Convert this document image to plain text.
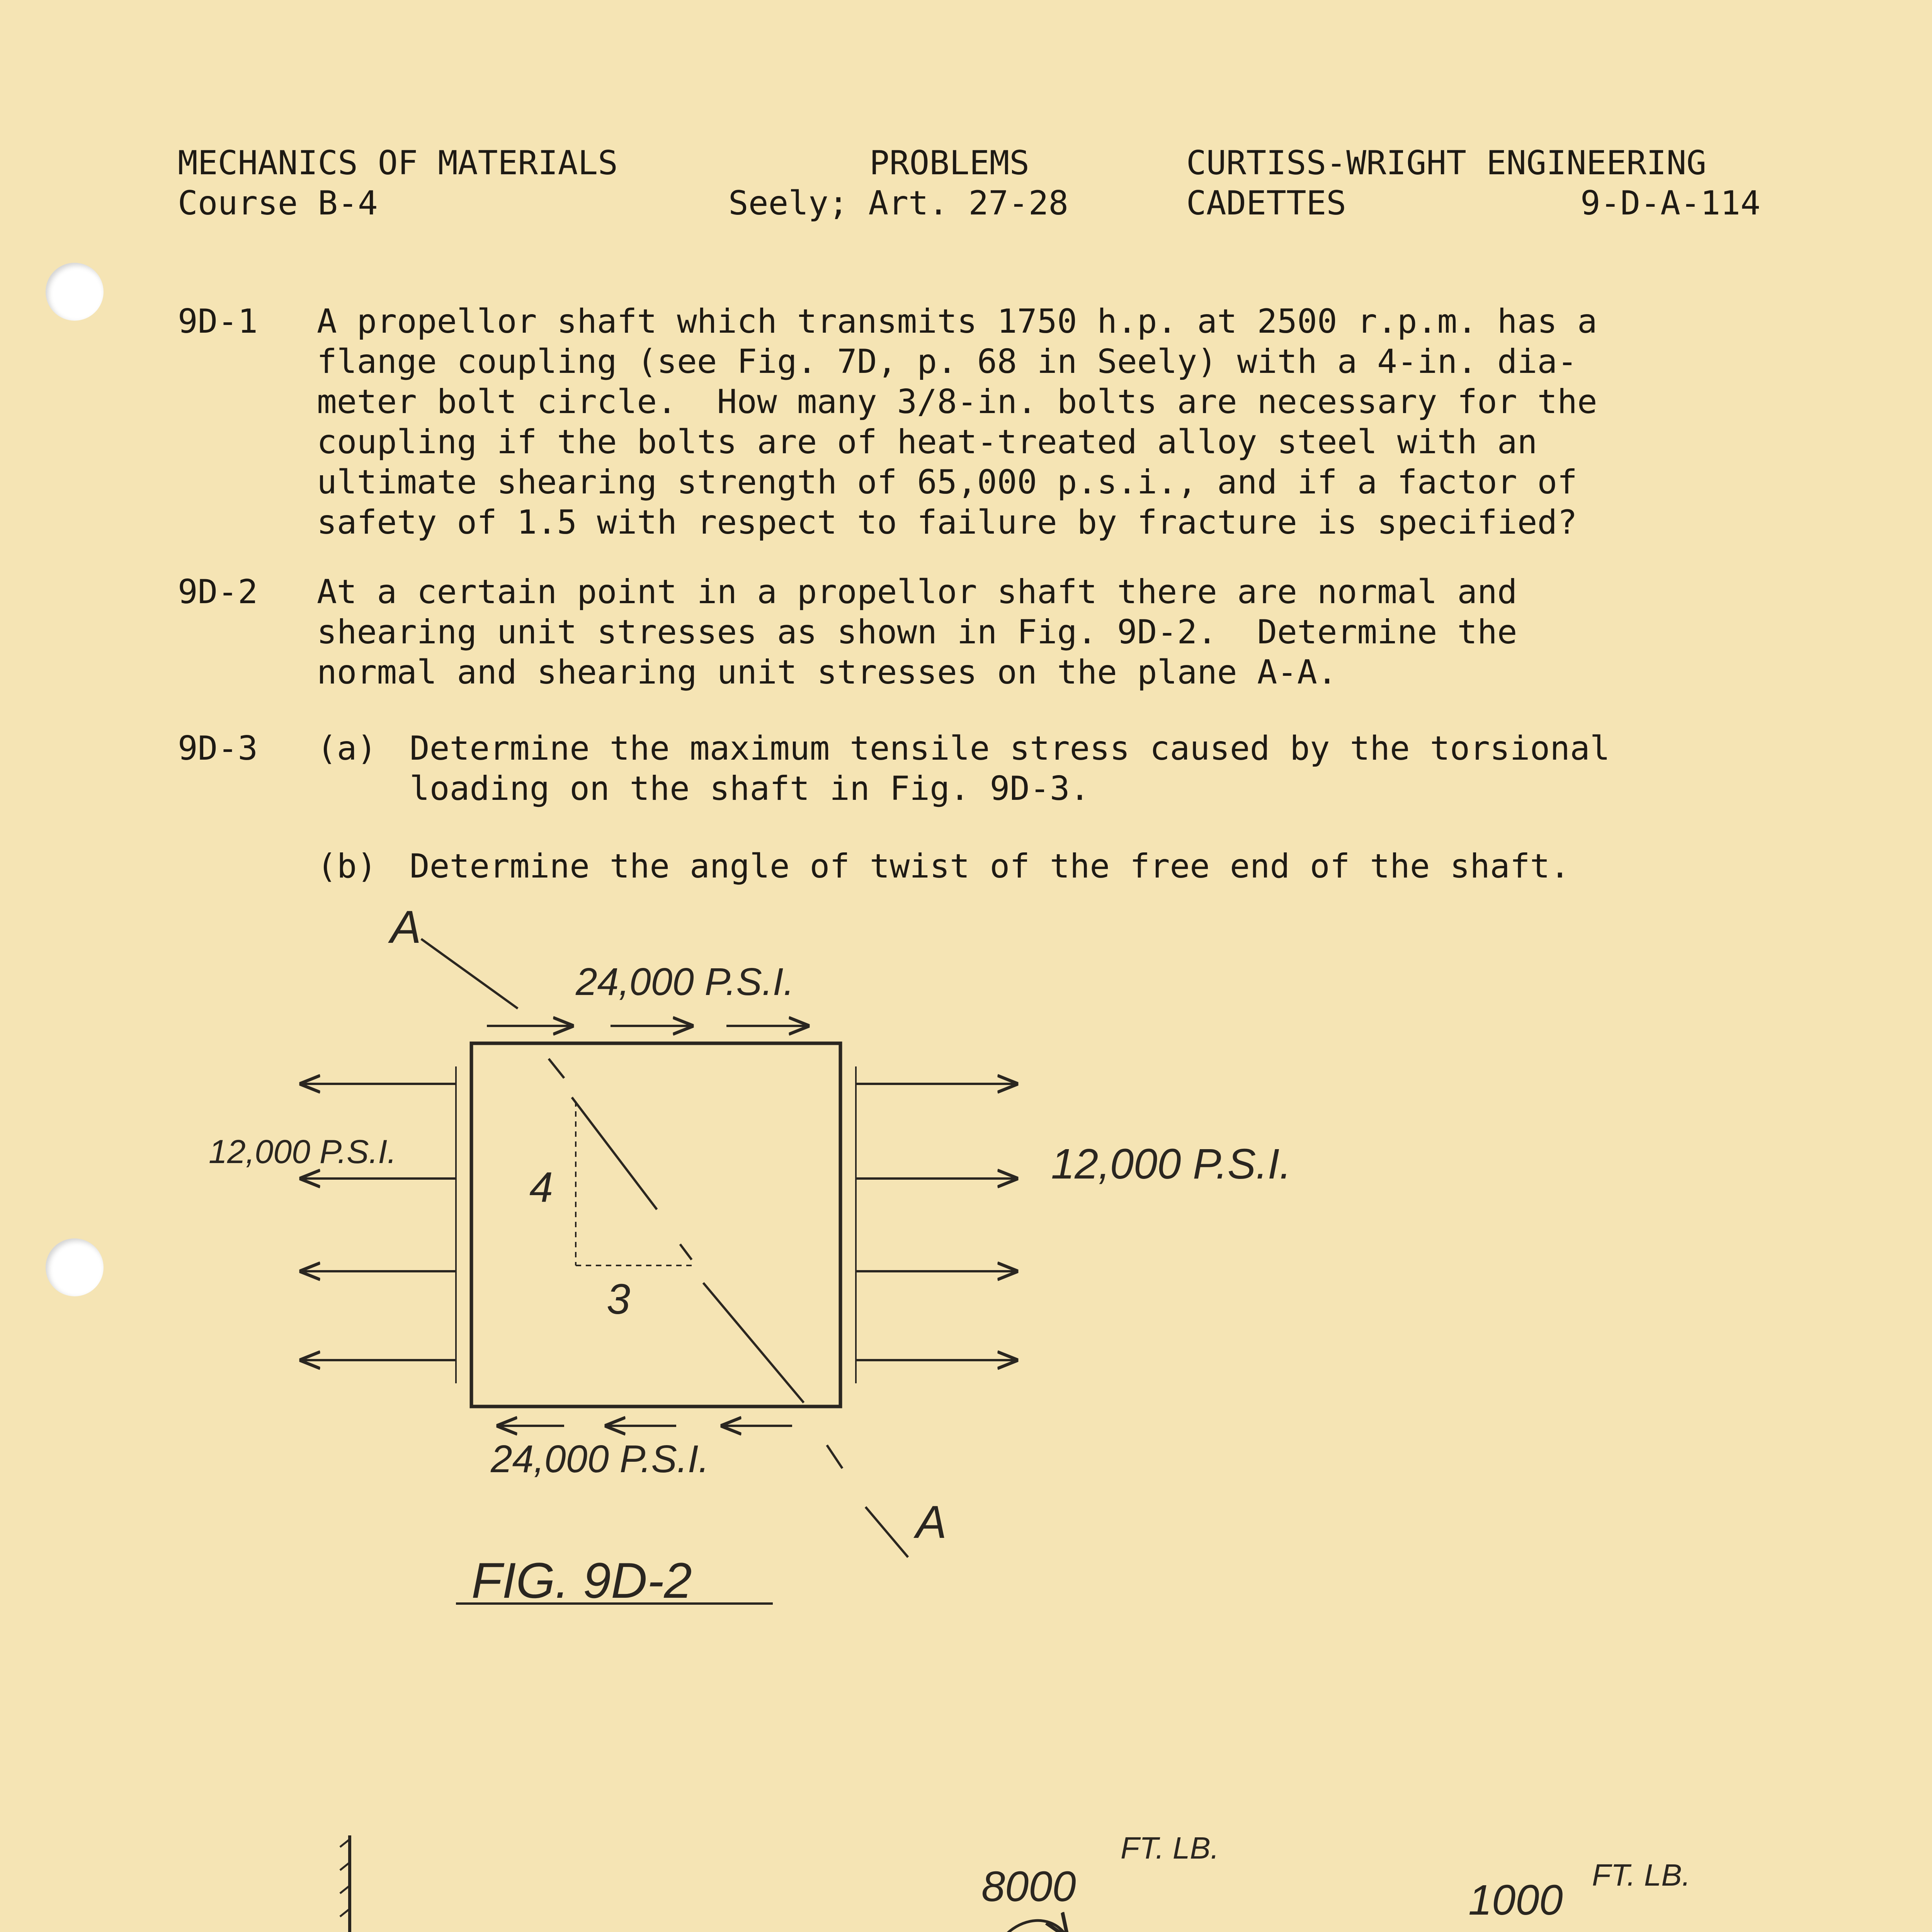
MECHANICS OF MATERIALS
Course B-4
PROBLEMS
Seely; Art. 27-28
CURTISS-WRIGHT ENGINEERING
CADETTES	9-D-A-114
9D-1 A propellor shaft which transmits 1750 h.p. at 2500 r.p.m. has a
flange coupling (see Fig. 7D, p. 68 in Seely) with a 4-in. dia-
meter bolt circle.  How many 3/8-in. bolts are necessary for the
coupling if the bolts are of heat-treated alloy steel with an
ultimate shearing strength of 65,000 p.s.i., and if a factor of
safety of 1.5 with respect to failure by fracture is specified?
9D-2 At a certain point in a propellor shaft there are normal and
shearing unit stresses as shown in Fig. 9D-2.  Determine the
normal and shearing unit stresses on the plane A-A.
9D-3 (a) Determine the maximum tensile stress caused by the torsional
loading on the shaft in Fig. 9D-3.
(b) Determine the angle of twist of the free end of the shaft.
A
A
24,000 P.S.I.
24,000 P.S.I.
12,000 P.S.I.	12,000 P.S.I.
4
3
FIG. 9D-2
8000
FT. LB.
1000
FT. LB.
